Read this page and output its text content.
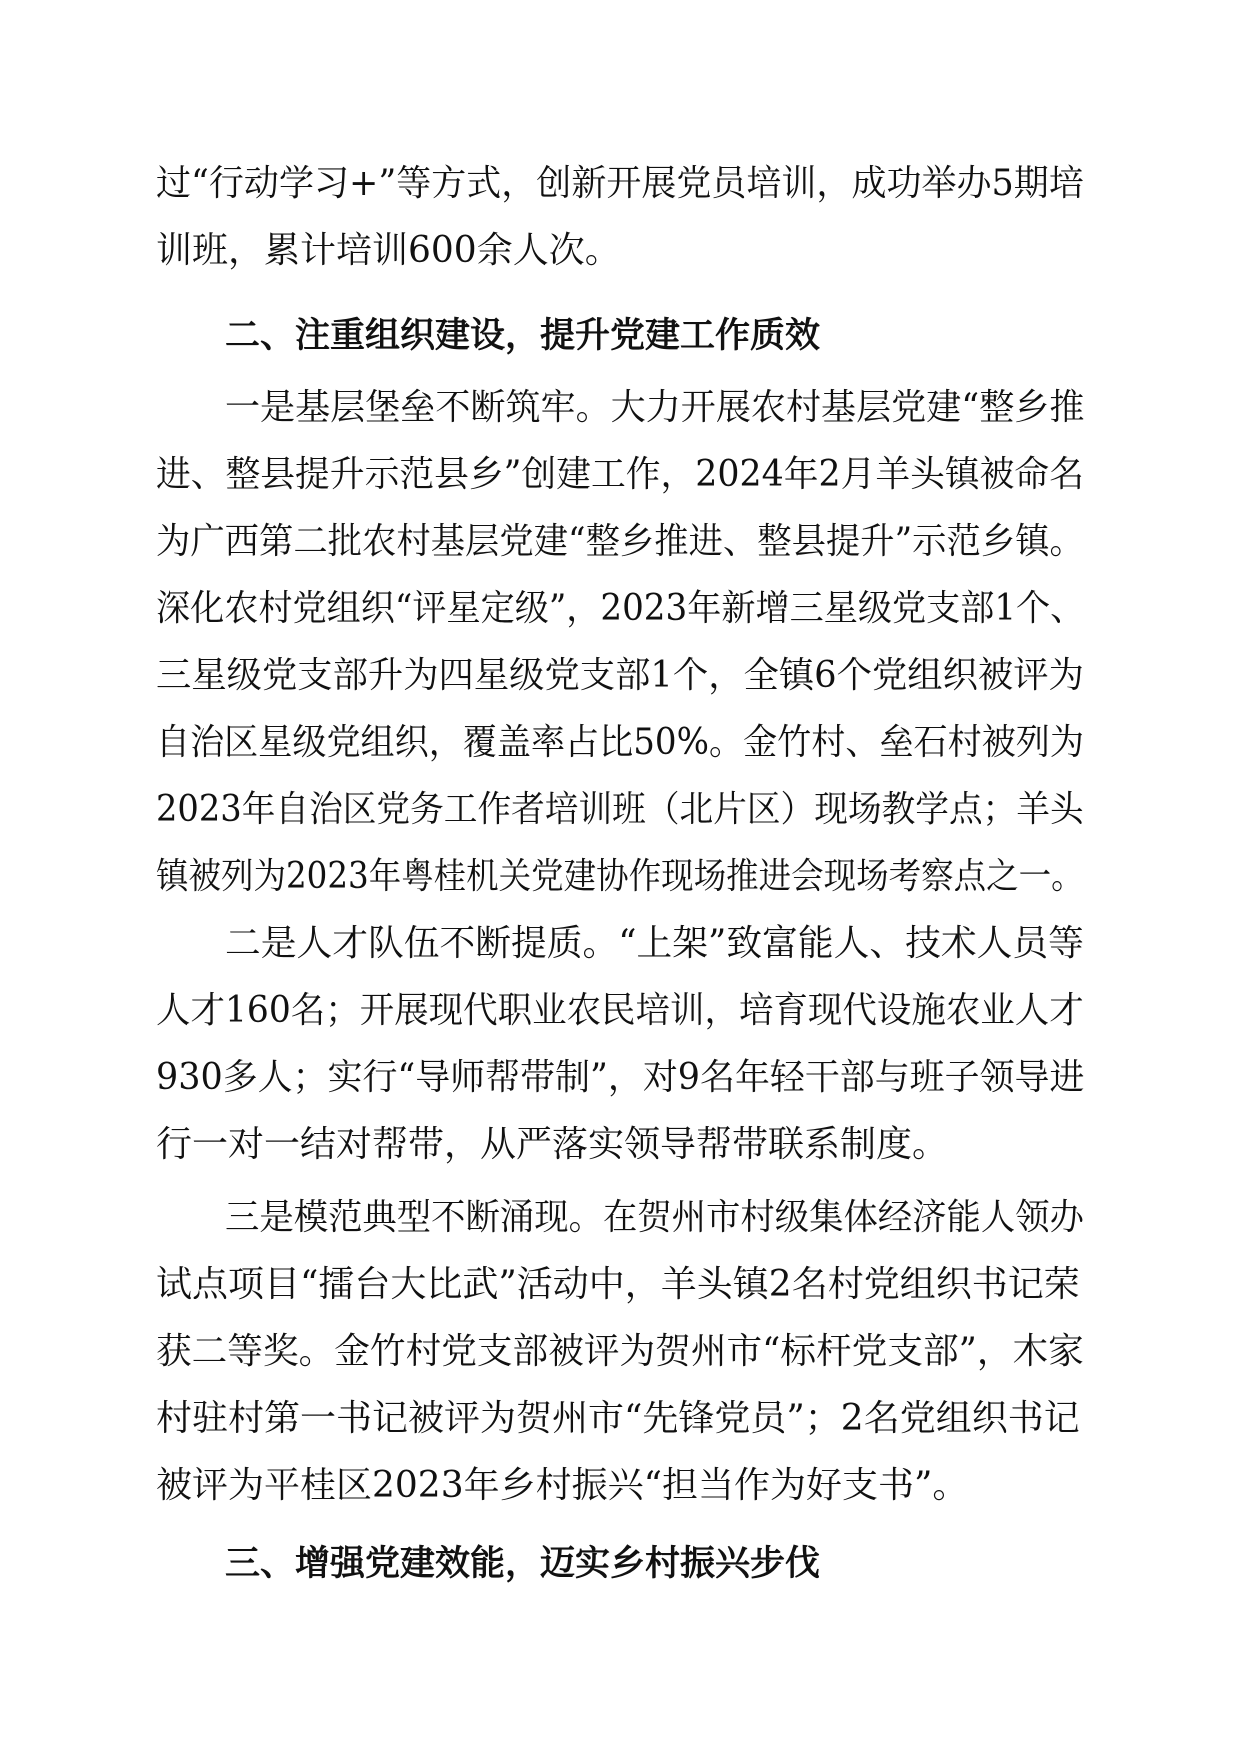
过“行动学习+”等方式，创新开展党员培训，成功举办5期培
训班，累计培训600余人次。
二、注重组织建设，提升党建工作质效
一是基层堡垒不断筑牢。大力开展农村基层党建“整乡推
进、整县提升示范县乡”创建工作，2024年2月羊头镇被命名
为广西第二批农村基层党建“整乡推进、整县提升”示范乡镇。
深化农村党组织“评星定级”，2023年新增三星级党支部1个、
三星级党支部升为四星级党支部1个，全镇6个党组织被评为
自治区星级党组织，覆盖率占比50%。金竹村、垒石村被列为
2023年自治区党务工作者培训班（北片区）现场教学点；羊头
镇被列为2023年粤桂机关党建协作现场推进会现场考察点之一。
二是人才队伍不断提质。“上架”致富能人、技术人员等
人才160名；开展现代职业农民培训，培育现代设施农业人才
930多人；实行“导师帮带制”，对9名年轻干部与班子领导进
行一对一结对帮带，从严落实领导帮带联系制度。
三是模范典型不断涌现。在贺州市村级集体经济能人领办
试点项目“擂台大比武”活动中，羊头镇2名村党组织书记荣
获二等奖。金竹村党支部被评为贺州市“标杆党支部”，木家
村驻村第一书记被评为贺州市“先锋党员”；2名党组织书记
被评为平桂区2023年乡村振兴“担当作为好支书”。
三、增强党建效能，迈实乡村振兴步伐
